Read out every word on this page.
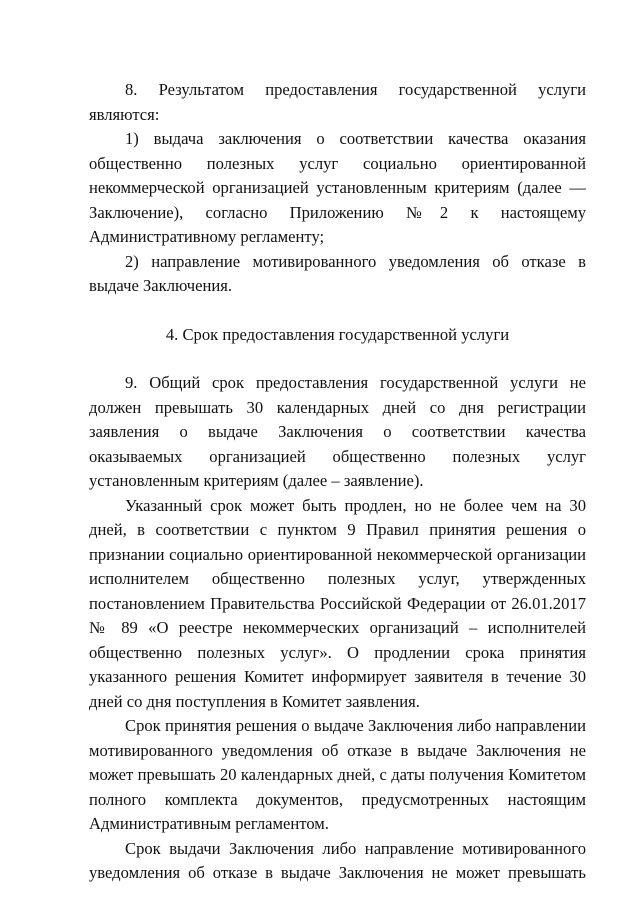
8. Результатом предоставления государственной услуги являются:

1) выдача заключения о соответствии качества оказания общественно полезных услуг социально ориентированной некоммерческой организацией установленным критериям (далее — Заключение), согласно Приложению №2 к настоящему Административному регламенту;

2) направление мотивированного уведомления об отказе в выдаче Заключения.

4. Срок предоставления государственной услуги

9. Общий срок предоставления государственной услуги не должен превышать 30 календарных дней со дня регистрации заявления о выдаче Заключения о соответствии качества оказываемых организацией общественно полезных услуг установленным критериям (далее – заявление).

Указанный срок может быть продлен, но не более чем на 30 дней, в соответствии с пунктом 9 Правил принятия решения о признании социально ориентированной некоммерческой организации исполнителем общественно полезных услуг, утвержденных постановлением Правительства Российской Федерации от 26.01.2017 № 89 «О реестре некоммерческих организаций – исполнителей общественно полезных услуг». О продлении срока принятия указанного решения Комитет информирует заявителя в течение 30 дней со дня поступления в Комитет заявления.

Срок принятия решения о выдаче Заключения либо направлении мотивированного уведомления об отказе в выдаче Заключения не может превышать 20 календарных дней, с даты получения Комитетом полного комплекта документов, предусмотренных настоящим Административным регламентом.

Срок выдачи Заключения либо направление мотивированного уведомления об отказе в выдаче Заключения не может превышать
